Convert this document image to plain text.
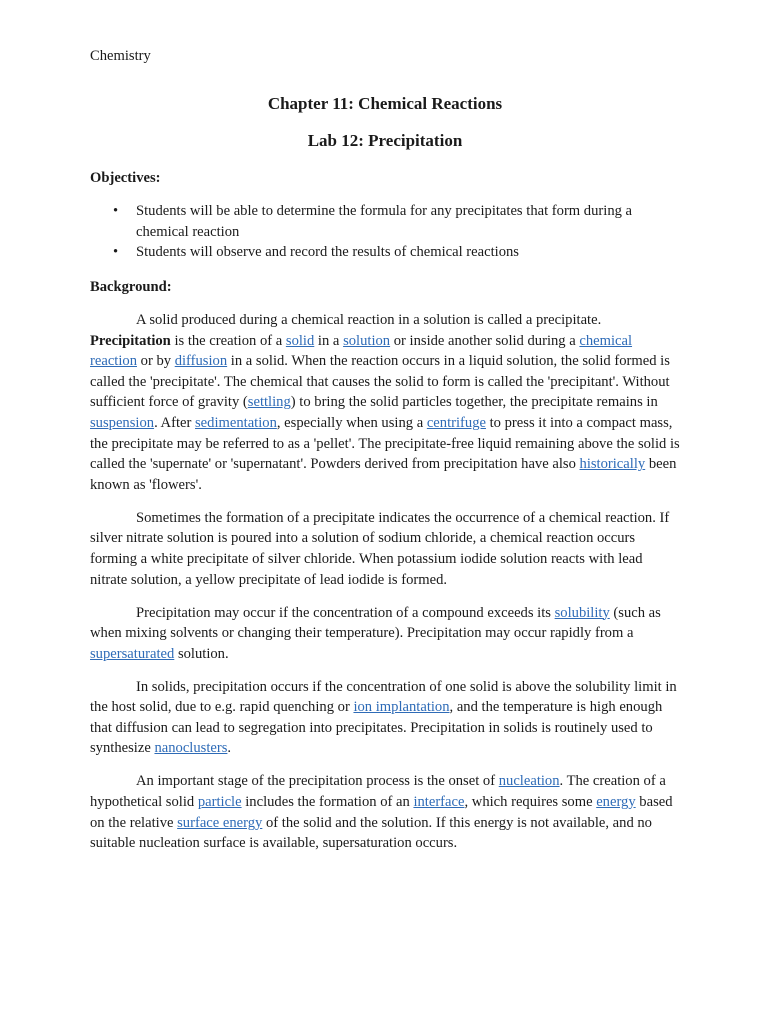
Chemistry
Chapter 11: Chemical Reactions
Lab 12: Precipitation
Objectives:
• Students will be able to determine the formula for any precipitates that form during a chemical reaction
• Students will observe and record the results of chemical reactions
Background:

A solid produced during a chemical reaction in a solution is called a precipitate. Precipitation is the creation of a solid in a solution or inside another solid during a chemical reaction or by diffusion in a solid. When the reaction occurs in a liquid solution, the solid formed is called the 'precipitate'. The chemical that causes the solid to form is called the 'precipitant'. Without sufficient force of gravity (settling) to bring the solid particles together, the precipitate remains in suspension. After sedimentation, especially when using a centrifuge to press it into a compact mass, the precipitate may be referred to as a 'pellet'. The precipitate-free liquid remaining above the solid is called the 'supernate' or 'supernatant'. Powders derived from precipitation have also historically been known as 'flowers'.

Sometimes the formation of a precipitate indicates the occurrence of a chemical reaction. If silver nitrate solution is poured into a solution of sodium chloride, a chemical reaction occurs forming a white precipitate of silver chloride. When potassium iodide solution reacts with lead nitrate solution, a yellow precipitate of lead iodide is formed.

Precipitation may occur if the concentration of a compound exceeds its solubility (such as when mixing solvents or changing their temperature). Precipitation may occur rapidly from a supersaturated solution.

In solids, precipitation occurs if the concentration of one solid is above the solubility limit in the host solid, due to e.g. rapid quenching or ion implantation, and the temperature is high enough that diffusion can lead to segregation into precipitates. Precipitation in solids is routinely used to synthesize nanoclusters.

An important stage of the precipitation process is the onset of nucleation. The creation of a hypothetical solid particle includes the formation of an interface, which requires some energy based on the relative surface energy of the solid and the solution. If this energy is not available, and no suitable nucleation surface is available, supersaturation occurs.
